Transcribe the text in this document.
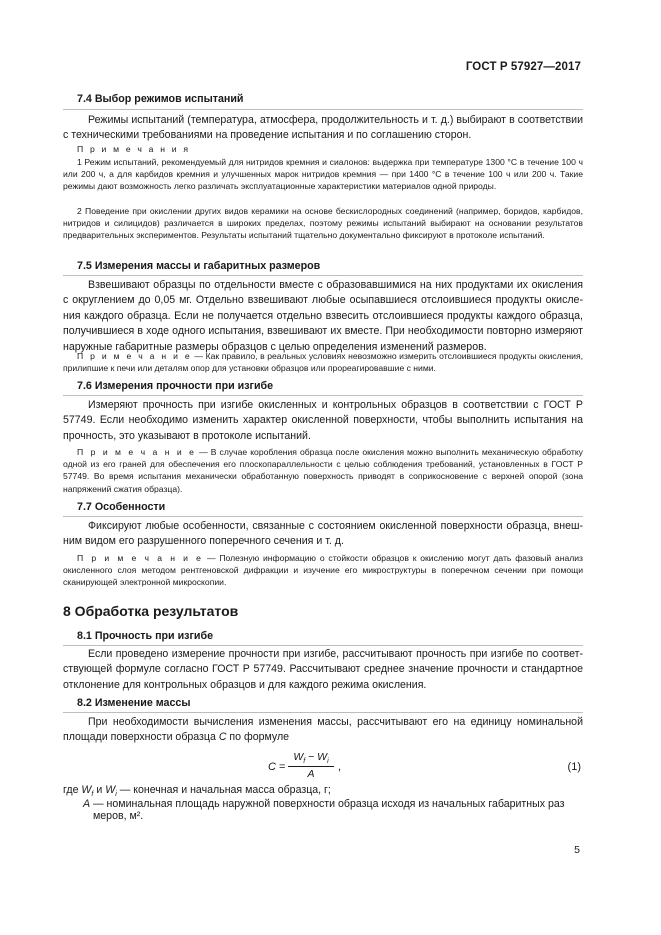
ГОСТ Р 57927—2017
7.4 Выбор режимов испытаний

Режимы испытаний (температура, атмосфера, продолжительность и т. д.) выбирают в соответствии с техническими требованиями на проведение испытания и по соглашению сторон.

П р и м е ч а н и я

1 Режим испытаний, рекомендуемый для нитридов кремния и сиалонов: выдержка при температуре 1300 °С в течение 100 ч или 200 ч, а для карбидов кремния и улучшенных марок нитридов кремния — при 1400 °С в течение 100 ч или 200 ч. Такие режимы дают возможность легко различать эксплуатационные характеристики материалов одной природы.

2 Поведение при окислении других видов керамики на основе бескислородных соединений (например, боридов, карбидов, нитридов и силицидов) различается в широких пределах, поэтому режимы испытаний выбирают на основании результатов предварительных экспериментов. Результаты испытаний тщательно документально фиксируют в протоколе испытаний.

7.5 Измерения массы и габаритных размеров

Взвешивают образцы по отдельности вместе с образовавшимися на них продуктами их окисления с округлением до 0,05 мг. Отдельно взвешивают любые осыпавшиеся отслоившиеся продукты окисления каждого образца. Если не получается отдельно взвесить отслоившиеся продукты каждого образца, получившиеся в ходе одного испытания, взвешивают их вместе. При необходимости повторно измеряют наружные габаритные размеры образцов с целью определения изменений размеров.

П р и м е ч а н и е — Как правило, в реальных условиях невозможно измерить отслоившиеся продукты окисления, прилипшие к печи или деталям опор для установки образцов или прореагировавшие с ними.

7.6 Измерения прочности при изгибе

Измеряют прочность при изгибе окисленных и контрольных образцов в соответствии с ГОСТ Р 57749. Если необходимо изменить характер окисленной поверхности, чтобы выполнить испытания на прочность, это указывают в протоколе испытаний.

П р и м е ч а н и е — В случае коробления образца после окисления можно выполнить механическую обработку одной из его граней для обеспечения его плоскопараллельности с целью соблюдения требований, установленных в ГОСТ Р 57749. Во время испытания механически обработанную поверхность приводят в соприкосновение с верхней опорой (зона напряжений сжатия образца).

7.7 Особенности

Фиксируют любые особенности, связанные с состоянием окисленной поверхности образца, внешним видом его разрушенного поперечного сечения и т. д.

П р и м е ч а н и е — Полезную информацию о стойкости образцов к окислению могут дать фазовый анализ окисленного слоя методом рентгеновской дифракции и изучение его микроструктуры в поперечном сечении при помощи сканирующей электронной микроскопии.

8 Обработка результатов
8.1 Прочность при изгибе

Если проведено измерение прочности при изгибе, рассчитывают прочность при изгибе по соответствующей формуле согласно ГОСТ Р 57749. Рассчитывают среднее значение прочности и стандартное отклонение для контрольных образцов и для каждого режима окисления.

8.2 Изменение массы

При необходимости вычисления изменения массы, рассчитывают его на единицу номинальной площади поверхности образца C по формуле

C =
$W_f - W_i$
A
,	(1)
где $W_f$ и $W_i$ — конечная и начальная масса образца, г;
A — номинальная площадь наружной поверхности образца исходя из начальных габаритных раз
меров, м².
5
